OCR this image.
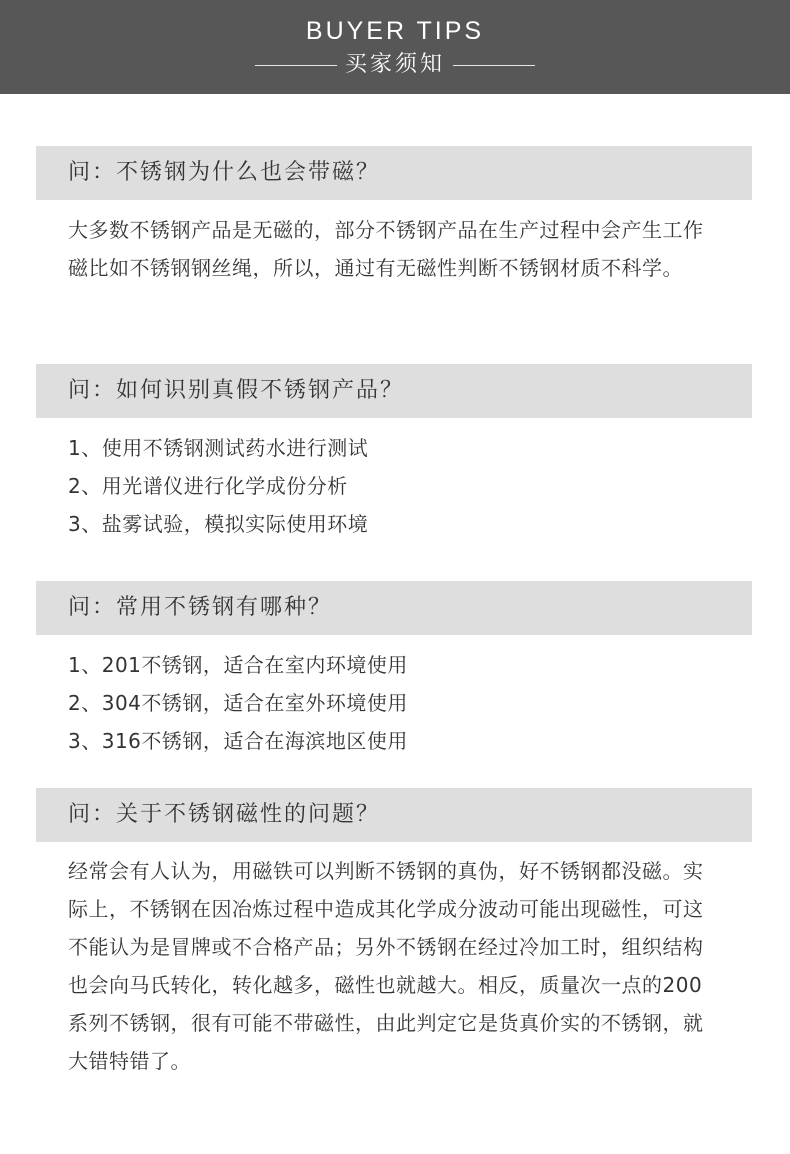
BUYER TIPS
买家须知
问：不锈钢为什么也会带磁？
大多数不锈钢产品是无磁的，部分不锈钢产品在生产过程中会产生工作磁比如不锈钢钢丝绳，所以，通过有无磁性判断不锈钢材质不科学。
问：如何识别真假不锈钢产品？
1、使用不锈钢测试药水进行测试
2、用光谱仪进行化学成份分析
3、盐雾试验，模拟实际使用环境
问：常用不锈钢有哪种？
1、201不锈钢，适合在室内环境使用
2、304不锈钢，适合在室外环境使用
3、316不锈钢，适合在海滨地区使用
问：关于不锈钢磁性的问题？
经常会有人认为，用磁铁可以判断不锈钢的真伪，好不锈钢都没磁。实际上，不锈钢在因冶炼过程中造成其化学成分波动可能出现磁性，可这不能认为是冒牌或不合格产品；另外不锈钢在经过冷加工时，组织结构也会向马氏转化，转化越多，磁性也就越大。相反，质量次一点的200系列不锈钢，很有可能不带磁性，由此判定它是货真价实的不锈钢，就大错特错了。
